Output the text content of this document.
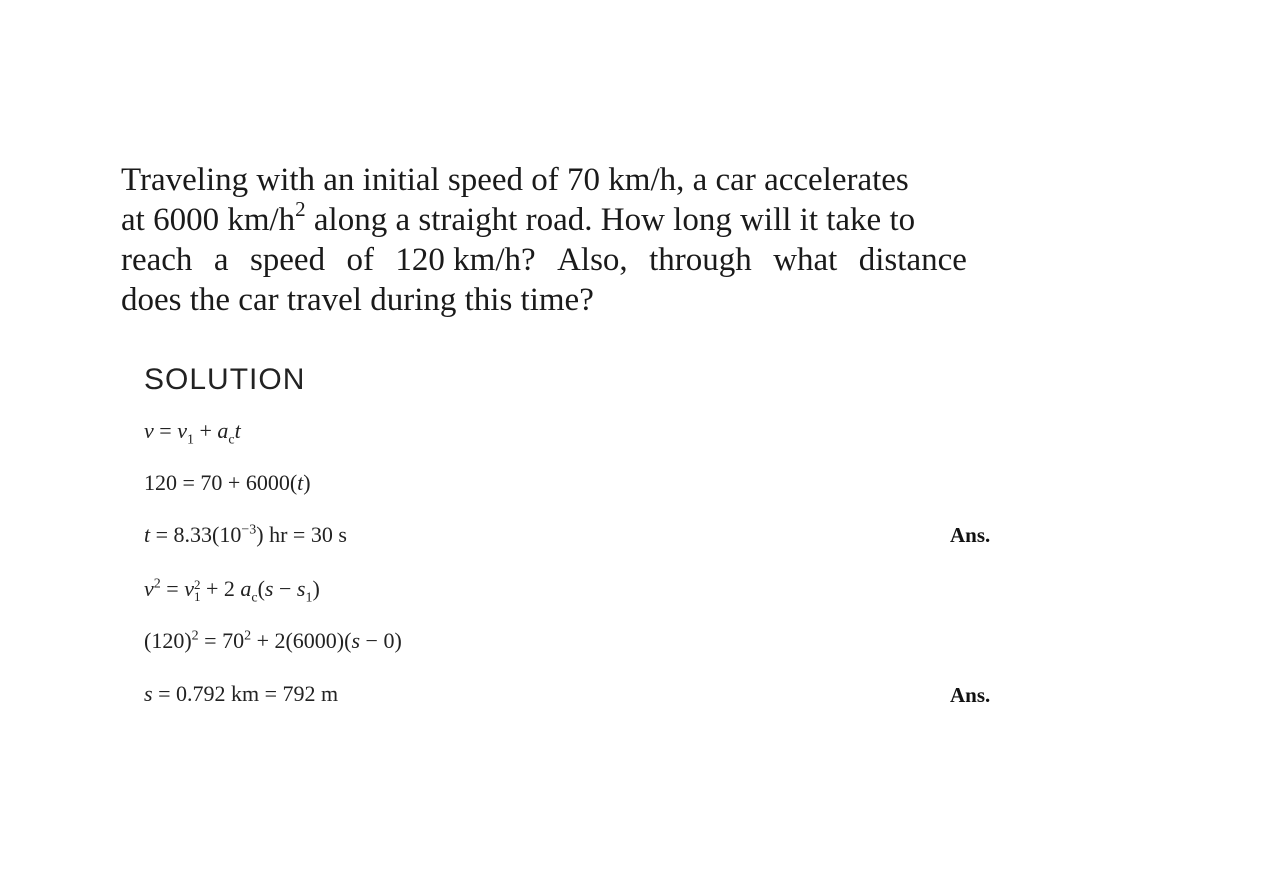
Traveling with an initial speed of 70 km/h, a car accelerates
at 6000 $km/h^2$ along a straight road. How long will it take to
reach a speed of 120 km/h? Also, through what distance
does the car travel during this time?
SOLUTION
$v = v_1 + a_ct$
120 = 70 + 6000(t)
$t = 8.33(10^{-3})$ hr = 30 s	Ans.
$v^2 = v$ 2
1 + 2 $a_c(s - s_1)$
$(120)^2 = 70^2 + 2(6000)(s - 0)$
s = 0.792 km = 792 m	Ans.
